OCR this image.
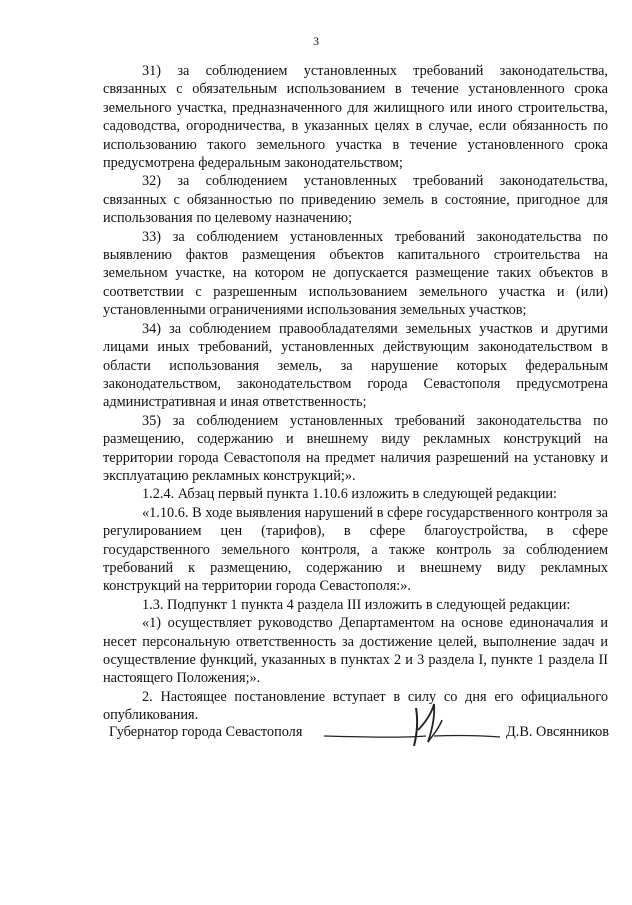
3

31) за соблюдением установленных требований законодательства, связанных с обязательным использованием в течение установленного срока земельного участка, предназначенного для жилищного или иного строительства, садоводства, огородничества, в указанных целях в случае, если обязанность по использованию такого земельного участка в течение установленного срока предусмотрена федеральным законодательством;

32) за соблюдением установленных требований законодательства, связанных с обязанностью по приведению земель в состояние, пригодное для использования по целевому назначению;

33) за соблюдением установленных требований законодательства по выявлению фактов размещения объектов капитального строительства на земельном участке, на котором не допускается размещение таких объектов в соответствии с разрешенным использованием земельного участка и (или) установленными ограничениями использования земельных участков;

34) за соблюдением правообладателями земельных участков и другими лицами иных требований, установленных действующим законодательством в области использования земель, за нарушение которых федеральным законодательством, законодательством города Севастополя предусмотрена административная и иная ответственность;

35) за соблюдением установленных требований законодательства по размещению, содержанию и внешнему виду рекламных конструкций на территории города Севастополя на предмет наличия разрешений на установку и эксплуатацию рекламных конструкций;».

1.2.4. Абзац первый пункта 1.10.6 изложить в следующей редакции:

«1.10.6. В ходе выявления нарушений в сфере государственного контроля за регулированием цен (тарифов), в сфере благоустройства, в сфере государственного земельного контроля, а также контроль за соблюдением требований к размещению, содержанию и внешнему виду рекламных конструкций на территории города Севастополя:».

1.3. Подпункт 1 пункта 4 раздела III изложить в следующей редакции:

«1) осуществляет руководство Департаментом на основе единоначалия и несет персональную ответственность за достижение целей, выполнение задач и осуществление функций, указанных в пунктах 2 и 3 раздела I, пункте 1 раздела II настоящего Положения;».

2. Настоящее постановление вступает в силу со дня его официального опубликования.

Губернатор города Севастополя	Д.В. Овсянников
